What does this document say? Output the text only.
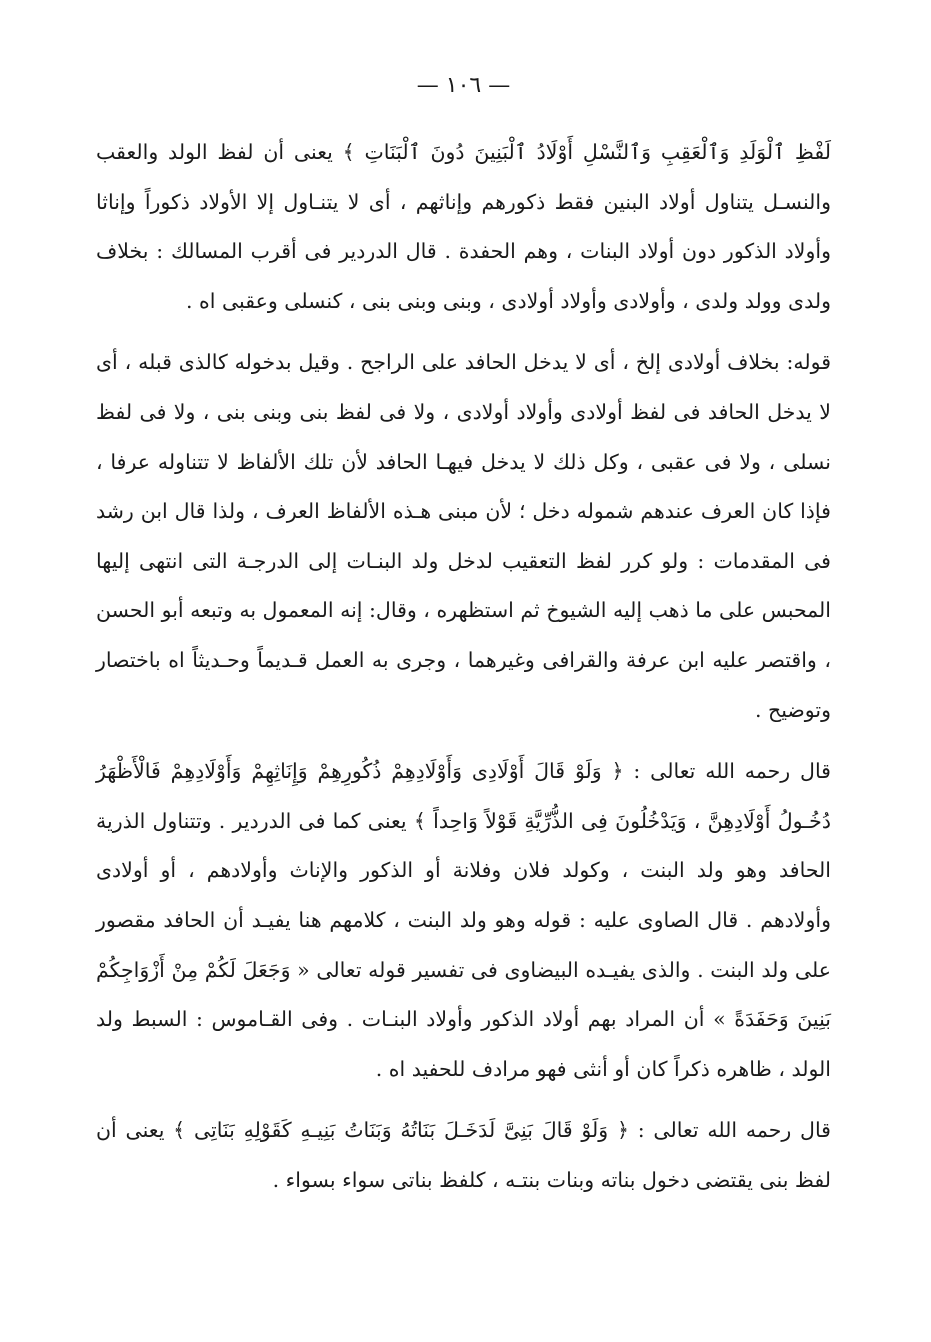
— ١٠٦ —

لَفْظِ ٱلْوَلَدِ وَٱلْعَقِبِ وَٱلنَّسْلِ أَوْلَادُ ٱلْبَنِينَ دُونَ ٱلْبَنَاتِ ﴾ يعنى أن لفظ الولد والعقب والنسـل يتناول أولاد البنين فقط ذكورهم وإناثهم ، أى لا يتنـاول إلا الأولاد ذكوراً وإناثا وأولاد الذكور دون أولاد البنات ، وهم الحفدة . قال الدردير فى أقرب المسالك : بخلاف ولدى وولد ولدى ، وأولادى وأولاد أولادى ، وبنى وبنى بنى ، كنسلى وعقبى اه .

قوله: بخلاف أولادى إلخ ، أى لا يدخل الحافد على الراجح . وقيل بدخوله كالذى قبله ، أى لا يدخل الحافد فى لفظ أولادى وأولاد أولادى ، ولا فى لفظ بنى وبنى بنى ، ولا فى لفظ نسلى ، ولا فى عقبى ، وكل ذلك لا يدخل فيهـا الحافد لأن تلك الألفاظ لا تتناوله عرفا ، فإذا كان العرف عندهم شموله دخل ؛ لأن مبنى هـذه الألفاظ العرف ، ولذا قال ابن رشد فى المقدمات : ولو كرر لفظ التعقيب لدخل ولد البنـات إلى الدرجـة التى انتهى إليها المحبس على ما ذهب إليه الشيوخ ثم استظهره ، وقال: إنه المعمول به وتبعه أبو الحسن ، واقتصر عليه ابن عرفة والقرافى وغيرهما ، وجرى به العمل قـديماً وحـديثاً اه باختصار وتوضيح .

قال رحمه الله تعالى : ﴿ وَلَوْ قَالَ أَوْلَادِى وَأَوْلَادِهِمْ ذُكُورِهِمْ وَإِنَاثِهِمْ وَأَوْلَادِهِمْ فَالْأَظْهَرُ دُخُـولُ أَوْلَادِهِنَّ ، وَيَدْخُلُونَ فِى الذُّرِّيَّةِ قَوْلاً وَاحِداً ﴾ يعنى كما فى الدردير . وتتناول الذرية الحافد وهو ولد البنت ، وكولد فلان وفلانة أو الذكور والإناث وأولادهم ، أو أولادى وأولادهم . قال الصاوى عليه : قوله وهو ولد البنت ، كلامهم هنا يفيـد أن الحافد مقصور على ولد البنت . والذى يفيـده البيضاوى فى تفسير قوله تعالى « وَجَعَلَ لَكُمْ مِنْ أَزْوَاجِكُمْ بَنِينَ وَحَفَدَةً » أن المراد بهم أولاد الذكور وأولاد البنـات . وفى القـاموس : السبط ولد الولد ، ظاهره ذكراً كان أو أنثى فهو مرادف للحفيد اه .

قال رحمه الله تعالى : ﴿ وَلَوْ قَالَ بَنِىَّ لَدَخَـلَ بَنَاتُهُ وَبَنَاتُ بَنِيـهِ كَقَوْلِهِ بَنَاتِى ﴾ يعنى أن لفظ بنى يقتضى دخول بناته وبنات بنتـه ، كلفظ بناتى سواء بسواء .
